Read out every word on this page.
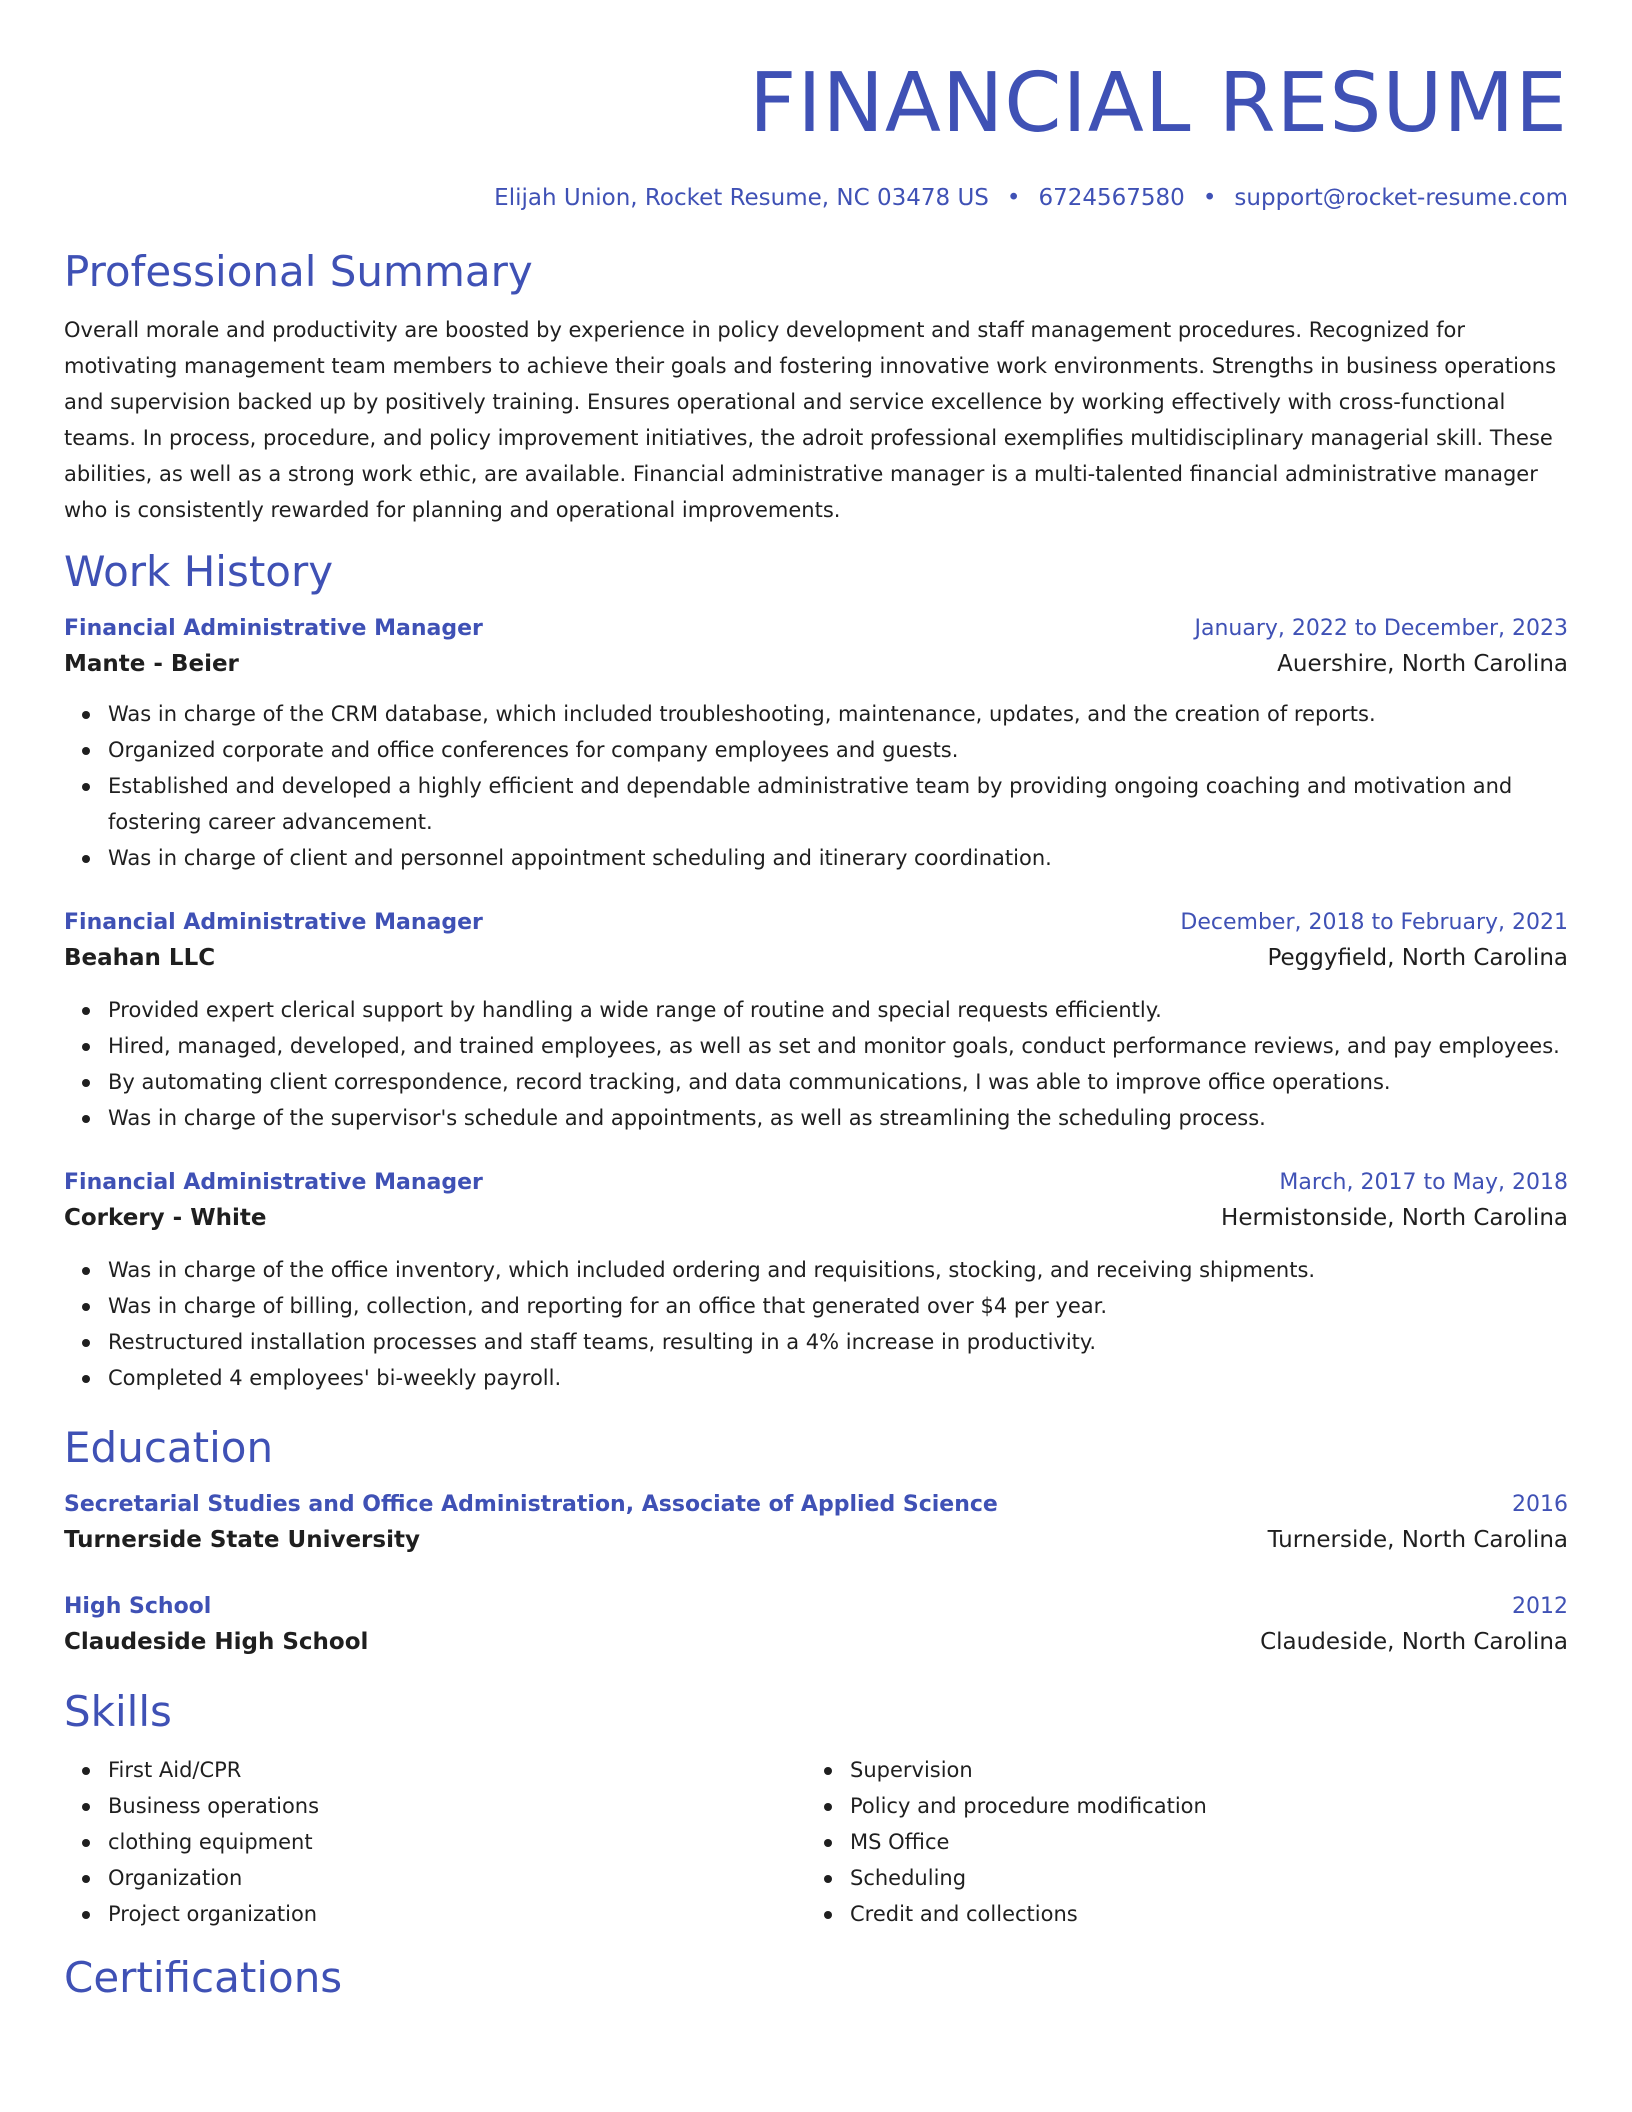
FINANCIAL RESUME
Elijah Union, Rocket Resume, NC 03478 US • 6724567580 • support@rocket-resume.com
Professional Summary

Overall morale and productivity are boosted by experience in policy development and staff management procedures. Recognized for motivating management team members to achieve their goals and fostering innovative work environments. Strengths in business operations and supervision backed up by positively training. Ensures operational and service excellence by working effectively with cross-functional teams. In process, procedure, and policy improvement initiatives, the adroit professional exemplifies multidisciplinary managerial skill. These abilities, as well as a strong work ethic, are available. Financial administrative manager is a multi-talented financial administrative manager who is consistently rewarded for planning and operational improvements.

Work History
Financial Administrative Manager	January, 2022 to December, 2023
Mante - Beier	Auershire, North Carolina
Was in charge of the CRM database, which included troubleshooting, maintenance, updates, and the creation of reports.
Organized corporate and office conferences for company employees and guests.
Established and developed a highly efficient and dependable administrative team by providing ongoing coaching and motivation and fostering career advancement.
Was in charge of client and personnel appointment scheduling and itinerary coordination.
Financial Administrative Manager	December, 2018 to February, 2021
Beahan LLC	Peggyfield, North Carolina
Provided expert clerical support by handling a wide range of routine and special requests efficiently.
Hired, managed, developed, and trained employees, as well as set and monitor goals, conduct performance reviews, and pay employees.
By automating client correspondence, record tracking, and data communications, I was able to improve office operations.
Was in charge of the supervisor's schedule and appointments, as well as streamlining the scheduling process.
Financial Administrative Manager	March, 2017 to May, 2018
Corkery - White	Hermistonside, North Carolina
Was in charge of the office inventory, which included ordering and requisitions, stocking, and receiving shipments.
Was in charge of billing, collection, and reporting for an office that generated over $4 per year.
Restructured installation processes and staff teams, resulting in a 4% increase in productivity.
Completed 4 employees' bi-weekly payroll.
Education
Secretarial Studies and Office Administration, Associate of Applied Science	2016
Turnerside State University	Turnerside, North Carolina
High School	2012
Claudeside High School	Claudeside, North Carolina
Skills
First Aid/CPR
Business operations
clothing equipment
Organization
Project organization
Supervision
Policy and procedure modification
MS Office
Scheduling
Credit and collections
Certifications
